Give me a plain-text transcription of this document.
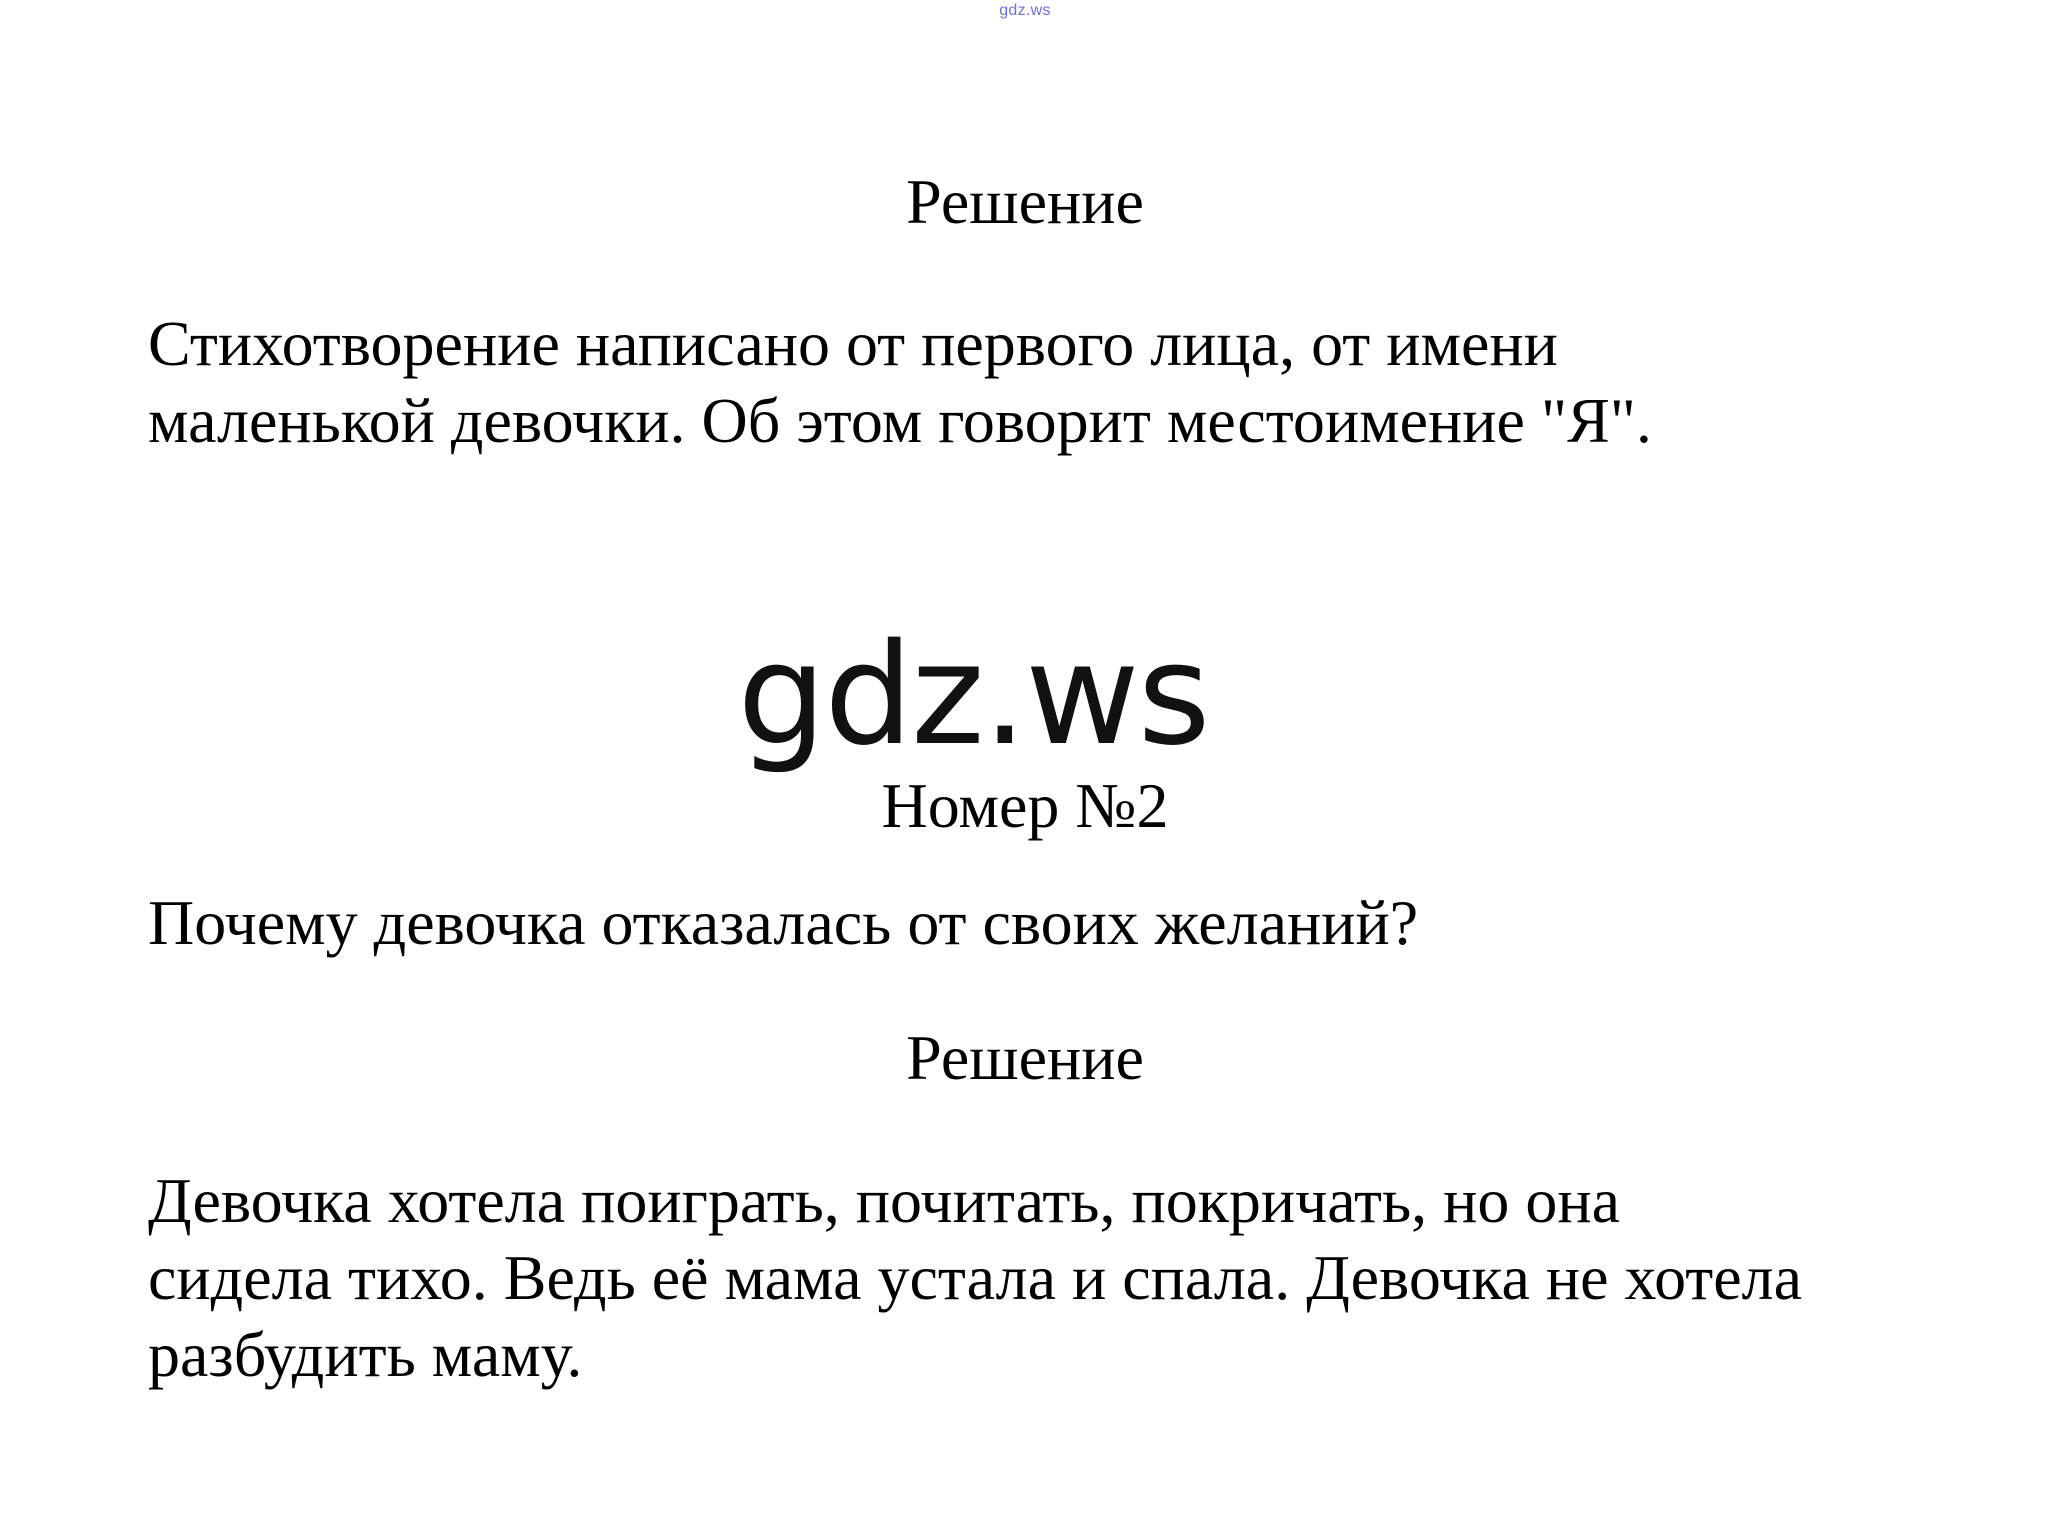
gdz.ws
Решение
Стихотворение написано от первого лица, от имени
маленькой девочки. Об этом говорит местоимение "Я".
gdz.ws
Номер №2
Почему девочка отказалась от своих желаний?
Решение
Девочка хотела поиграть, почитать, покричать, но она
сидела тихо. Ведь её мама устала и спала. Девочка не хотела
разбудить маму.
